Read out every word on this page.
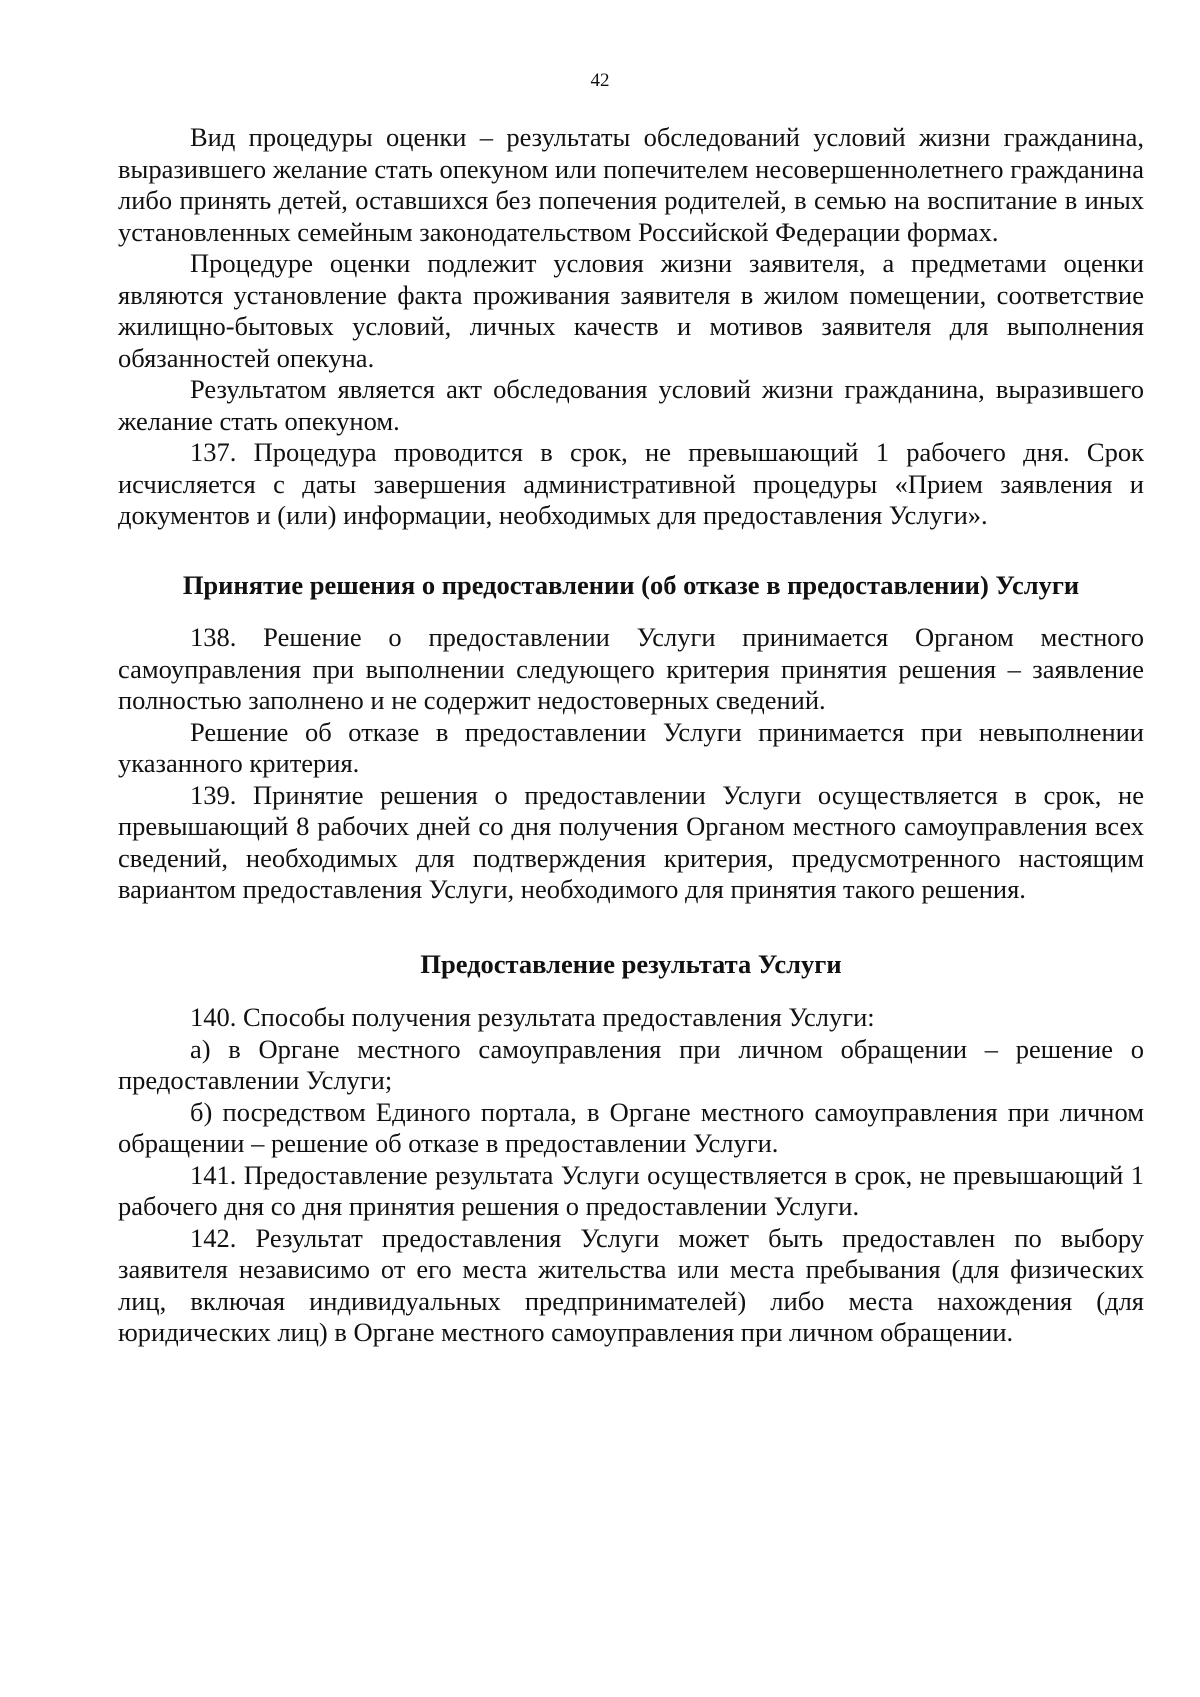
42

Вид процедуры оценки – результаты обследований условий жизни гражданина, выразившего желание стать опекуном или попечителем несовершеннолетнего гражданина либо принять детей, оставшихся без попечения родителей, в семью на воспитание в иных установленных семейным законодательством Российской Федерации формах.

Процедуре оценки подлежит условия жизни заявителя, а предметами оценки являются установление факта проживания заявителя в жилом помещении, соответствие жилищно-бытовых условий, личных качеств и мотивов заявителя для выполнения обязанностей опекуна.

Результатом является акт обследования условий жизни гражданина, выразившего желание стать опекуном.

137. Процедура проводится в срок, не превышающий 1 рабочего дня. Срок исчисляется с даты завершения административной процедуры «Прием заявления и документов и (или) информации, необходимых для предоставления Услуги».

Принятие решения о предоставлении (об отказе в предоставлении) Услуги

138. Решение о предоставлении Услуги принимается Органом местного самоуправления при выполнении следующего критерия принятия решения – заявление полностью заполнено и не содержит недостоверных сведений.

Решение об отказе в предоставлении Услуги принимается при невыполнении указанного критерия.

139. Принятие решения о предоставлении Услуги осуществляется в срок, не превышающий 8 рабочих дней со дня получения Органом местного самоуправления всех сведений, необходимых для подтверждения критерия, предусмотренного настоящим вариантом предоставления Услуги, необходимого для принятия такого решения.

Предоставление результата Услуги

140. Способы получения результата предоставления Услуги:

а) в Органе местного самоуправления при личном обращении – решение о предоставлении Услуги;

б) посредством Единого портала, в Органе местного самоуправления при личном обращении – решение об отказе в предоставлении Услуги.

141. Предоставление результата Услуги осуществляется в срок, не превышающий 1 рабочего дня со дня принятия решения о предоставлении Услуги.

142. Результат предоставления Услуги может быть предоставлен по выбору заявителя независимо от его места жительства или места пребывания (для физических лиц, включая индивидуальных предпринимателей) либо места нахождения (для юридических лиц) в Органе местного самоуправления при личном обращении.
